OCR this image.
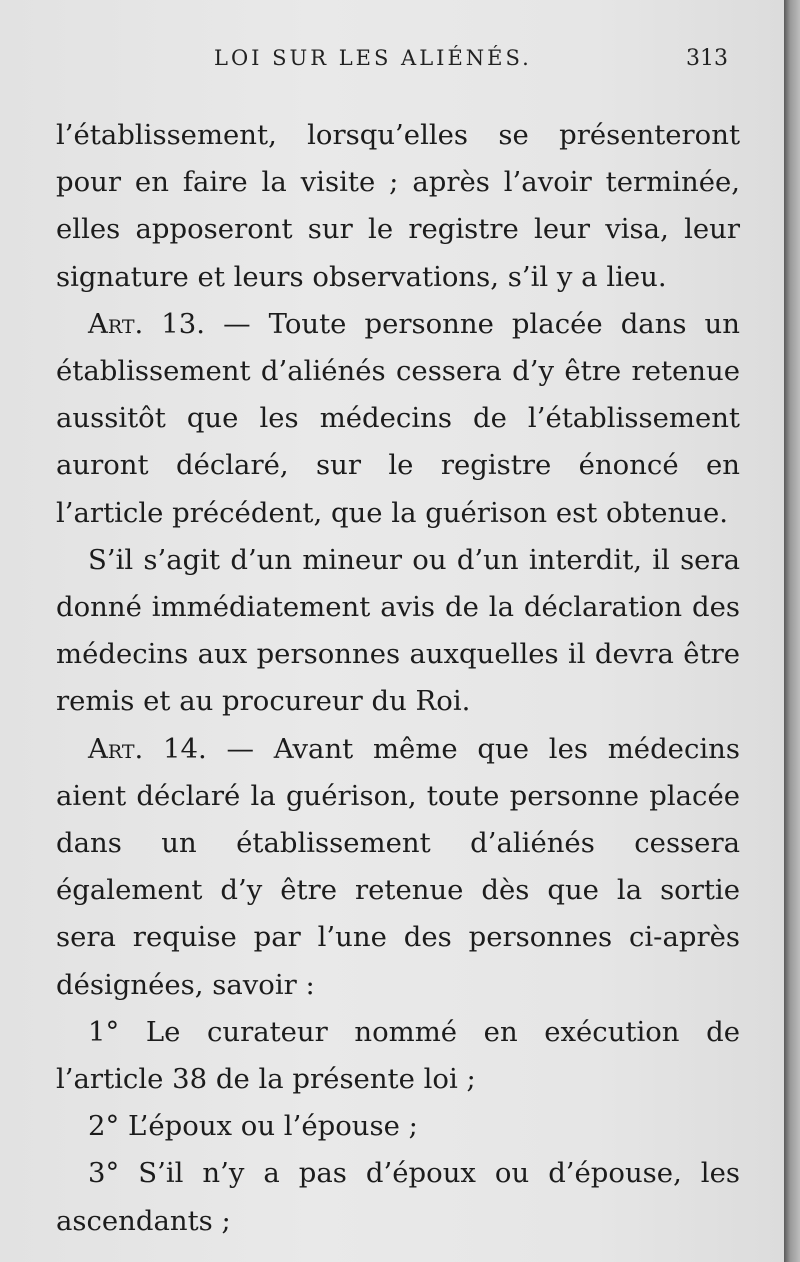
LOI SUR LES ALIÉNÉS.	313

l’établissement, lorsqu’elles se présenteront pour en faire la visite ; après l’avoir terminée, elles apposeront sur le registre leur visa, leur signature et leurs observations, s’il y a lieu.

Art. 13. — Toute personne placée dans un établissement d’aliénés cessera d’y être retenue aussitôt que les médecins de l’établissement auront déclaré, sur le registre énoncé en l’article précédent, que la guérison est obtenue.

S’il s’agit d’un mineur ou d’un interdit, il sera donné immédiatement avis de la déclaration des médecins aux personnes auxquelles il devra être remis et au procureur du Roi.

Art. 14. — Avant même que les médecins aient déclaré la guérison, toute personne placée dans un établissement d’aliénés cessera également d’y être retenue dès que la sortie sera requise par l’une des personnes ci-après désignées, savoir :

1° Le curateur nommé en exécution de l’article 38 de la présente loi ;

2° L’époux ou l’épouse ;

3° S’il n’y a pas d’époux ou d’épouse, les ascendants ;
